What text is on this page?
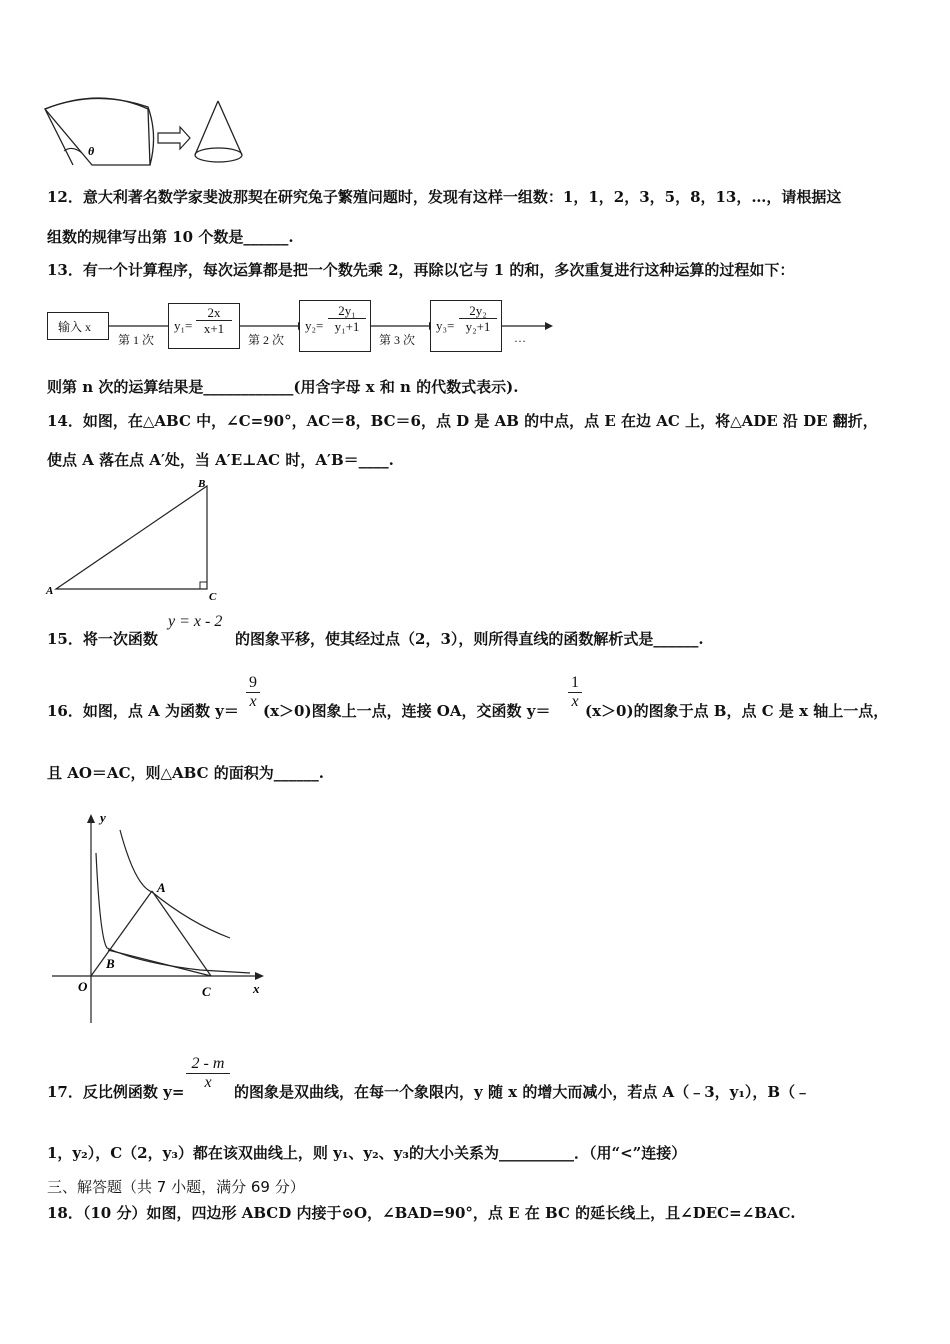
θ
12．意大利著名数学家斐波那契在研究兔子繁殖问题时，发现有这样一组数：1，1，2，3，5，8，13，…，请根据这
组数的规律写出第 10 个数是______.
13．有一个计算程序，每次运算都是把一个数先乘 2，再除以它与 1 的和，多次重复进行这种运算的过程如下：
输入 x
第 1 次
y₁=
2x
x+1
第 2 次
y₂=
2y₁
y₁+1
第 3 次
y₃=
2y₂
y₂+1
…
则第 n 次的运算结果是____________(用含字母 x 和 n 的代数式表示).
14．如图，在△ABC 中，∠C=90°，AC＝8，BC＝6，点 D 是 AB 的中点，点 E 在边 AC 上，将△ADE 沿 DE 翻折，
使点 A 落在点 A′处，当 A′E⊥AC 时，A′B＝____.
A
B
C
15．将一次函数
y = x - 2
的图象平移，使其经过点（2，3），则所得直线的函数解析式是______.
16．如图，点 A 为函数 y＝
9
x
(x＞0)图象上一点，连接 OA，交函数 y＝
1
x
(x＞0)的图象于点 B，点 C 是 x 轴上一点，
且 AO＝AC，则△ABC 的面积为______.
y
x
O
A
B
C
17．反比例函数 y=
2 - m
x
的图象是双曲线，在每一个象限内，y 随 x 的增大而减小，若点 A（﹣3，y₁），B（﹣
1，y₂），C（2，y₃）都在该双曲线上，则 y₁、y₂、y₃的大小关系为__________．（用“<”连接）
三、解答题（共 7 小题，满分 69 分）
18．（10 分）如图，四边形 ABCD 内接于⊙O，∠BAD=90°，点 E 在 BC 的延长线上，且∠DEC=∠BAC.
